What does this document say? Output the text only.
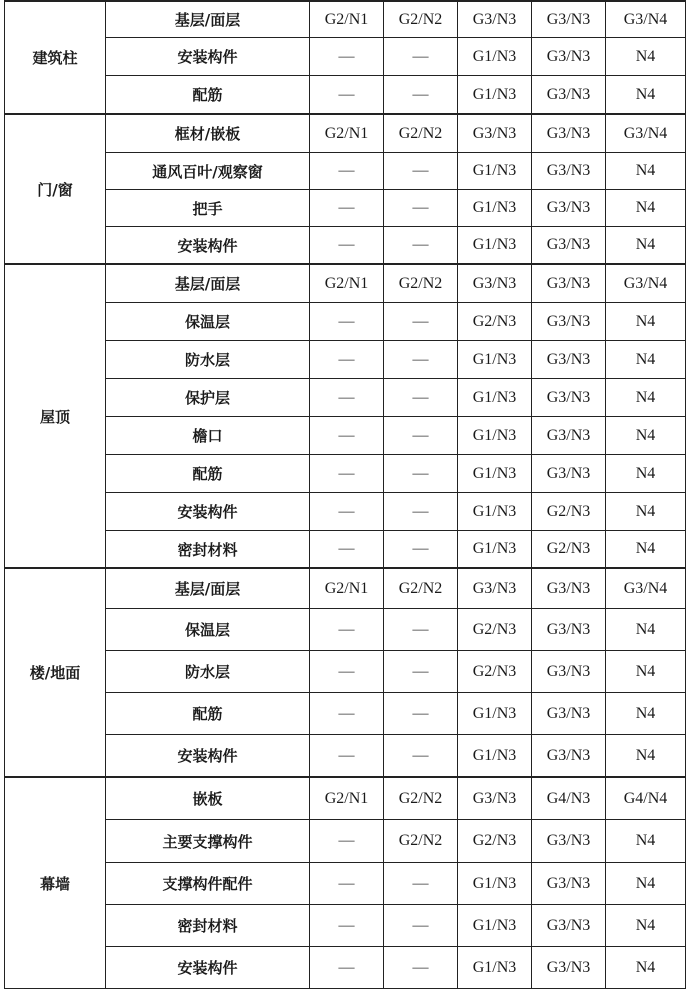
建筑柱	基层/面层	G2/N1	G2/N2	G3/N3	G3/N3	G3/N4
	安装构件	—	—	G1/N3	G3/N3	N4
	配筋	—	—	G1/N3	G3/N3	N4
门/窗	框材/嵌板	G2/N1	G2/N2	G3/N3	G3/N3	G3/N4
	通风百叶/观察窗	—	—	G1/N3	G3/N3	N4
	把手	—	—	G1/N3	G3/N3	N4
	安装构件	—	—	G1/N3	G3/N3	N4
屋顶	基层/面层	G2/N1	G2/N2	G3/N3	G3/N3	G3/N4
	保温层	—	—	G2/N3	G3/N3	N4
	防水层	—	—	G1/N3	G3/N3	N4
	保护层	—	—	G1/N3	G3/N3	N4
	檐口	—	—	G1/N3	G3/N3	N4
	配筋	—	—	G1/N3	G3/N3	N4
	安装构件	—	—	G1/N3	G2/N3	N4
	密封材料	—	—	G1/N3	G2/N3	N4
楼/地面	基层/面层	G2/N1	G2/N2	G3/N3	G3/N3	G3/N4
	保温层	—	—	G2/N3	G3/N3	N4
	防水层	—	—	G2/N3	G3/N3	N4
	配筋	—	—	G1/N3	G3/N3	N4
	安装构件	—	—	G1/N3	G3/N3	N4
幕墙	嵌板	G2/N1	G2/N2	G3/N3	G4/N3	G4/N4
	主要支撑构件	—	G2/N2	G2/N3	G3/N3	N4
	支撑构件配件	—	—	G1/N3	G3/N3	N4
	密封材料	—	—	G1/N3	G3/N3	N4
	安装构件	—	—	G1/N3	G3/N3	N4
